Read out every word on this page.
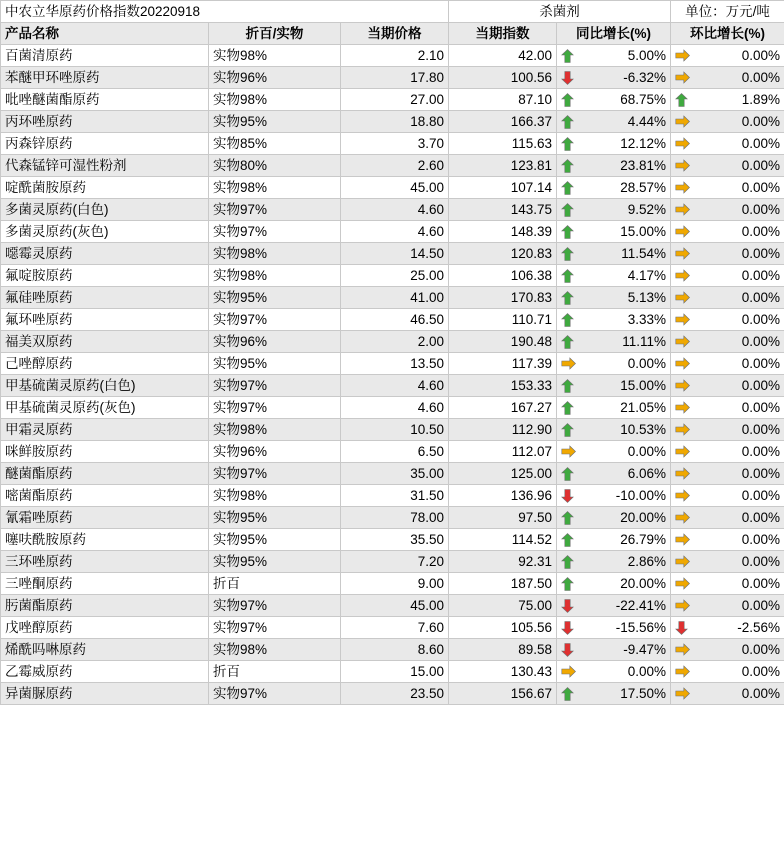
中农立华原药价格指数20220918			杀菌剂		单位：万元/吨
产品名称	折百/实物	当期价格	当期指数	同比增长(%)	环比增长(%)
百菌清原药	实物98%	2.10	42.00	5.00%	0.00%
苯醚甲环唑原药	实物96%	17.80	100.56	-6.32%	0.00%
吡唑醚菌酯原药	实物98%	27.00	87.10	68.75%	1.89%
丙环唑原药	实物95%	18.80	166.37	4.44%	0.00%
丙森锌原药	实物85%	3.70	115.63	12.12%	0.00%
代森锰锌可湿性粉剂	实物80%	2.60	123.81	23.81%	0.00%
啶酰菌胺原药	实物98%	45.00	107.14	28.57%	0.00%
多菌灵原药(白色)	实物97%	4.60	143.75	9.52%	0.00%
多菌灵原药(灰色)	实物97%	4.60	148.39	15.00%	0.00%
噁霉灵原药	实物98%	14.50	120.83	11.54%	0.00%
氟啶胺原药	实物98%	25.00	106.38	4.17%	0.00%
氟硅唑原药	实物95%	41.00	170.83	5.13%	0.00%
氟环唑原药	实物97%	46.50	110.71	3.33%	0.00%
福美双原药	实物96%	2.00	190.48	11.11%	0.00%
己唑醇原药	实物95%	13.50	117.39	0.00%	0.00%
甲基硫菌灵原药(白色)	实物97%	4.60	153.33	15.00%	0.00%
甲基硫菌灵原药(灰色)	实物97%	4.60	167.27	21.05%	0.00%
甲霜灵原药	实物98%	10.50	112.90	10.53%	0.00%
咪鲜胺原药	实物96%	6.50	112.07	0.00%	0.00%
醚菌酯原药	实物97%	35.00	125.00	6.06%	0.00%
嘧菌酯原药	实物98%	31.50	136.96	-10.00%	0.00%
氰霜唑原药	实物95%	78.00	97.50	20.00%	0.00%
噻呋酰胺原药	实物95%	35.50	114.52	26.79%	0.00%
三环唑原药	实物95%	7.20	92.31	2.86%	0.00%
三唑酮原药	折百	9.00	187.50	20.00%	0.00%
肟菌酯原药	实物97%	45.00	75.00	-22.41%	0.00%
戊唑醇原药	实物97%	7.60	105.56	-15.56%	-2.56%
烯酰吗啉原药	实物98%	8.60	89.58	-9.47%	0.00%
乙霉威原药	折百	15.00	130.43	0.00%	0.00%
异菌脲原药	实物97%	23.50	156.67	17.50%	0.00%
